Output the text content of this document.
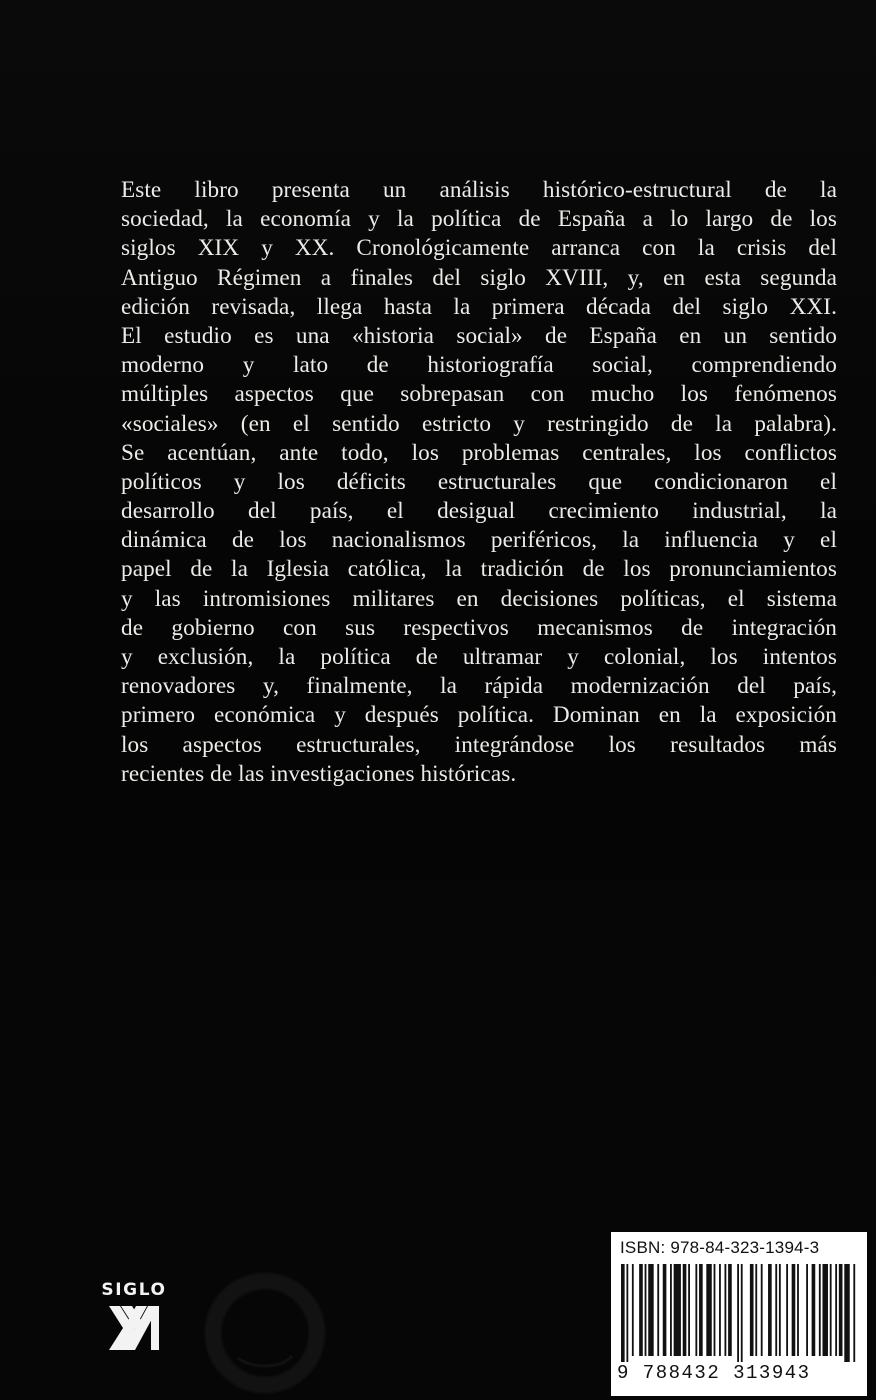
Este libro presenta un análisis histórico-estructural de la
sociedad, la economía y la política de España a lo largo de los
siglos XIX y XX. Cronológicamente arranca con la crisis del
Antiguo Régimen a finales del siglo XVIII, y, en esta segunda
edición revisada, llega hasta la primera década del siglo XXI.
El estudio es una «historia social» de España en un sentido
moderno y lato de historiografía social, comprendiendo
múltiples aspectos que sobrepasan con mucho los fenómenos
«sociales» (en el sentido estricto y restringido de la palabra).
Se acentúan, ante todo, los problemas centrales, los conflictos
políticos y los déficits estructurales que condicionaron el
desarrollo del país, el desigual crecimiento industrial, la
dinámica de los nacionalismos periféricos, la influencia y el
papel de la Iglesia católica, la tradición de los pronunciamientos
y las intromisiones militares en decisiones políticas, el sistema
de gobierno con sus respectivos mecanismos de integración
y exclusión, la política de ultramar y colonial, los intentos
renovadores y, finalmente, la rápida modernización del país,
primero económica y después política. Dominan en la exposición
los aspectos estructurales, integrándose los resultados más
recientes de las investigaciones históricas.
SIGLO
ISBN: 978-84-323-1394-3
9 788432 313943
